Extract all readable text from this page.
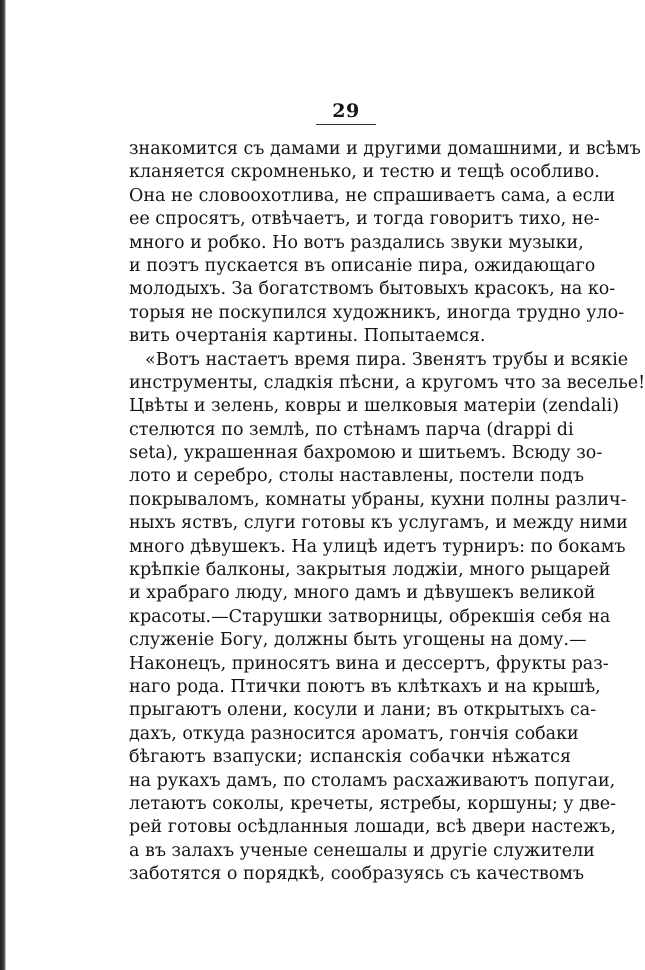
29
знакомится съ дамами и другими домашними, и всѣмъ
кланяется скромненько, и тестю и тещѣ особливо.
Она не словоохотлива, не спрашиваетъ сама, а если
ее спросятъ, отвѣчаетъ, и тогда говоритъ тихо, не-
много и робко. Но вотъ раздались звуки музыки,
и поэтъ пускается въ описаніе пира, ожидающаго
молодыхъ. За богатствомъ бытовыхъ красокъ, на ко-
торыя не поскупился художникъ, иногда трудно уло-
вить очертанія картины. Попытаемся.
«Вотъ настаетъ время пира. Звенятъ трубы и всякіе
инструменты, сладкія пѣсни, а кругомъ что за веселье!
Цвѣты и зелень, ковры и шелковыя матеріи (zendali)
стелются по землѣ, по стѣнамъ парча (drappi di
seta), украшенная бахромою и шитьемъ. Всюду зо-
лото и серебро, столы наставлены, постели подъ
покрываломъ, комнаты убраны, кухни полны различ-
ныхъ яствъ, слуги готовы къ услугамъ, и между ними
много дѣвушекъ. На улицѣ идетъ турниръ: по бокамъ
крѣпкіе балконы, закрытыя лоджіи, много рыцарей
и храбраго люду, много дамъ и дѣвушекъ великой
красоты.—Старушки затворницы, обрекшія себя на
служеніе Богу, должны быть угощены на дому.—
Наконецъ, приносятъ вина и дессертъ, фрукты раз-
наго рода. Птички поютъ въ клѣткахъ и на крышѣ,
прыгаютъ олени, косули и лани; въ открытыхъ са-
дахъ, откуда разносится ароматъ, гончія собаки
бѣгаютъ взапуски; испанскія собачки нѣжатся
на рукахъ дамъ, по столамъ расхаживаютъ попугаи,
летаютъ соколы, кречеты, ястребы, коршуны; у две-
рей готовы осѣдланныя лошади, всѣ двери настежъ,
а въ залахъ ученые сенешалы и другіе служители
заботятся о порядкѣ, сообразуясь съ качествомъ
